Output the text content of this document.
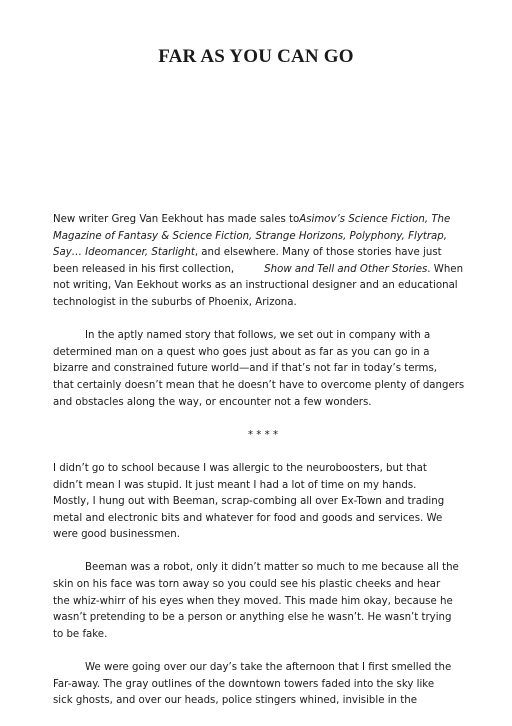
FAR AS YOU CAN GO
New writer Greg Van Eekhout has made sales toAsimov’s Science Fiction, The
Magazine of Fantasy & Science Fiction, Strange Horizons, Polyphony, Flytrap,
Say… Ideomancer, Starlight, and elsewhere. Many of those stories have just
been released in his first collection,	Show and Tell and Other Stories. When
not writing, Van Eekhout works as an instructional designer and an educational
technologist in the suburbs of Phoenix, Arizona.
In the aptly named story that follows, we set out in company with a
determined man on a quest who goes just about as far as you can go in a
bizarre and constrained future world—and if that’s not far in today’s terms,
that certainly doesn’t mean that he doesn’t have to overcome plenty of dangers
and obstacles along the way, or encounter not a few wonders.
* * * *
I didn’t go to school because I was allergic to the neuroboosters, but that
didn’t mean I was stupid. It just meant I had a lot of time on my hands.
Mostly, I hung out with Beeman, scrap-combing all over Ex-Town and trading
metal and electronic bits and whatever for food and goods and services. We
were good businessmen.
Beeman was a robot, only it didn’t matter so much to me because all the
skin on his face was torn away so you could see his plastic cheeks and hear
the whiz-whirr of his eyes when they moved. This made him okay, because he
wasn’t pretending to be a person or anything else he wasn’t. He wasn’t trying
to be fake.
We were going over our day’s take the afternoon that I first smelled the
Far-away. The gray outlines of the downtown towers faded into the sky like
sick ghosts, and over our heads, police stingers whined, invisible in the
